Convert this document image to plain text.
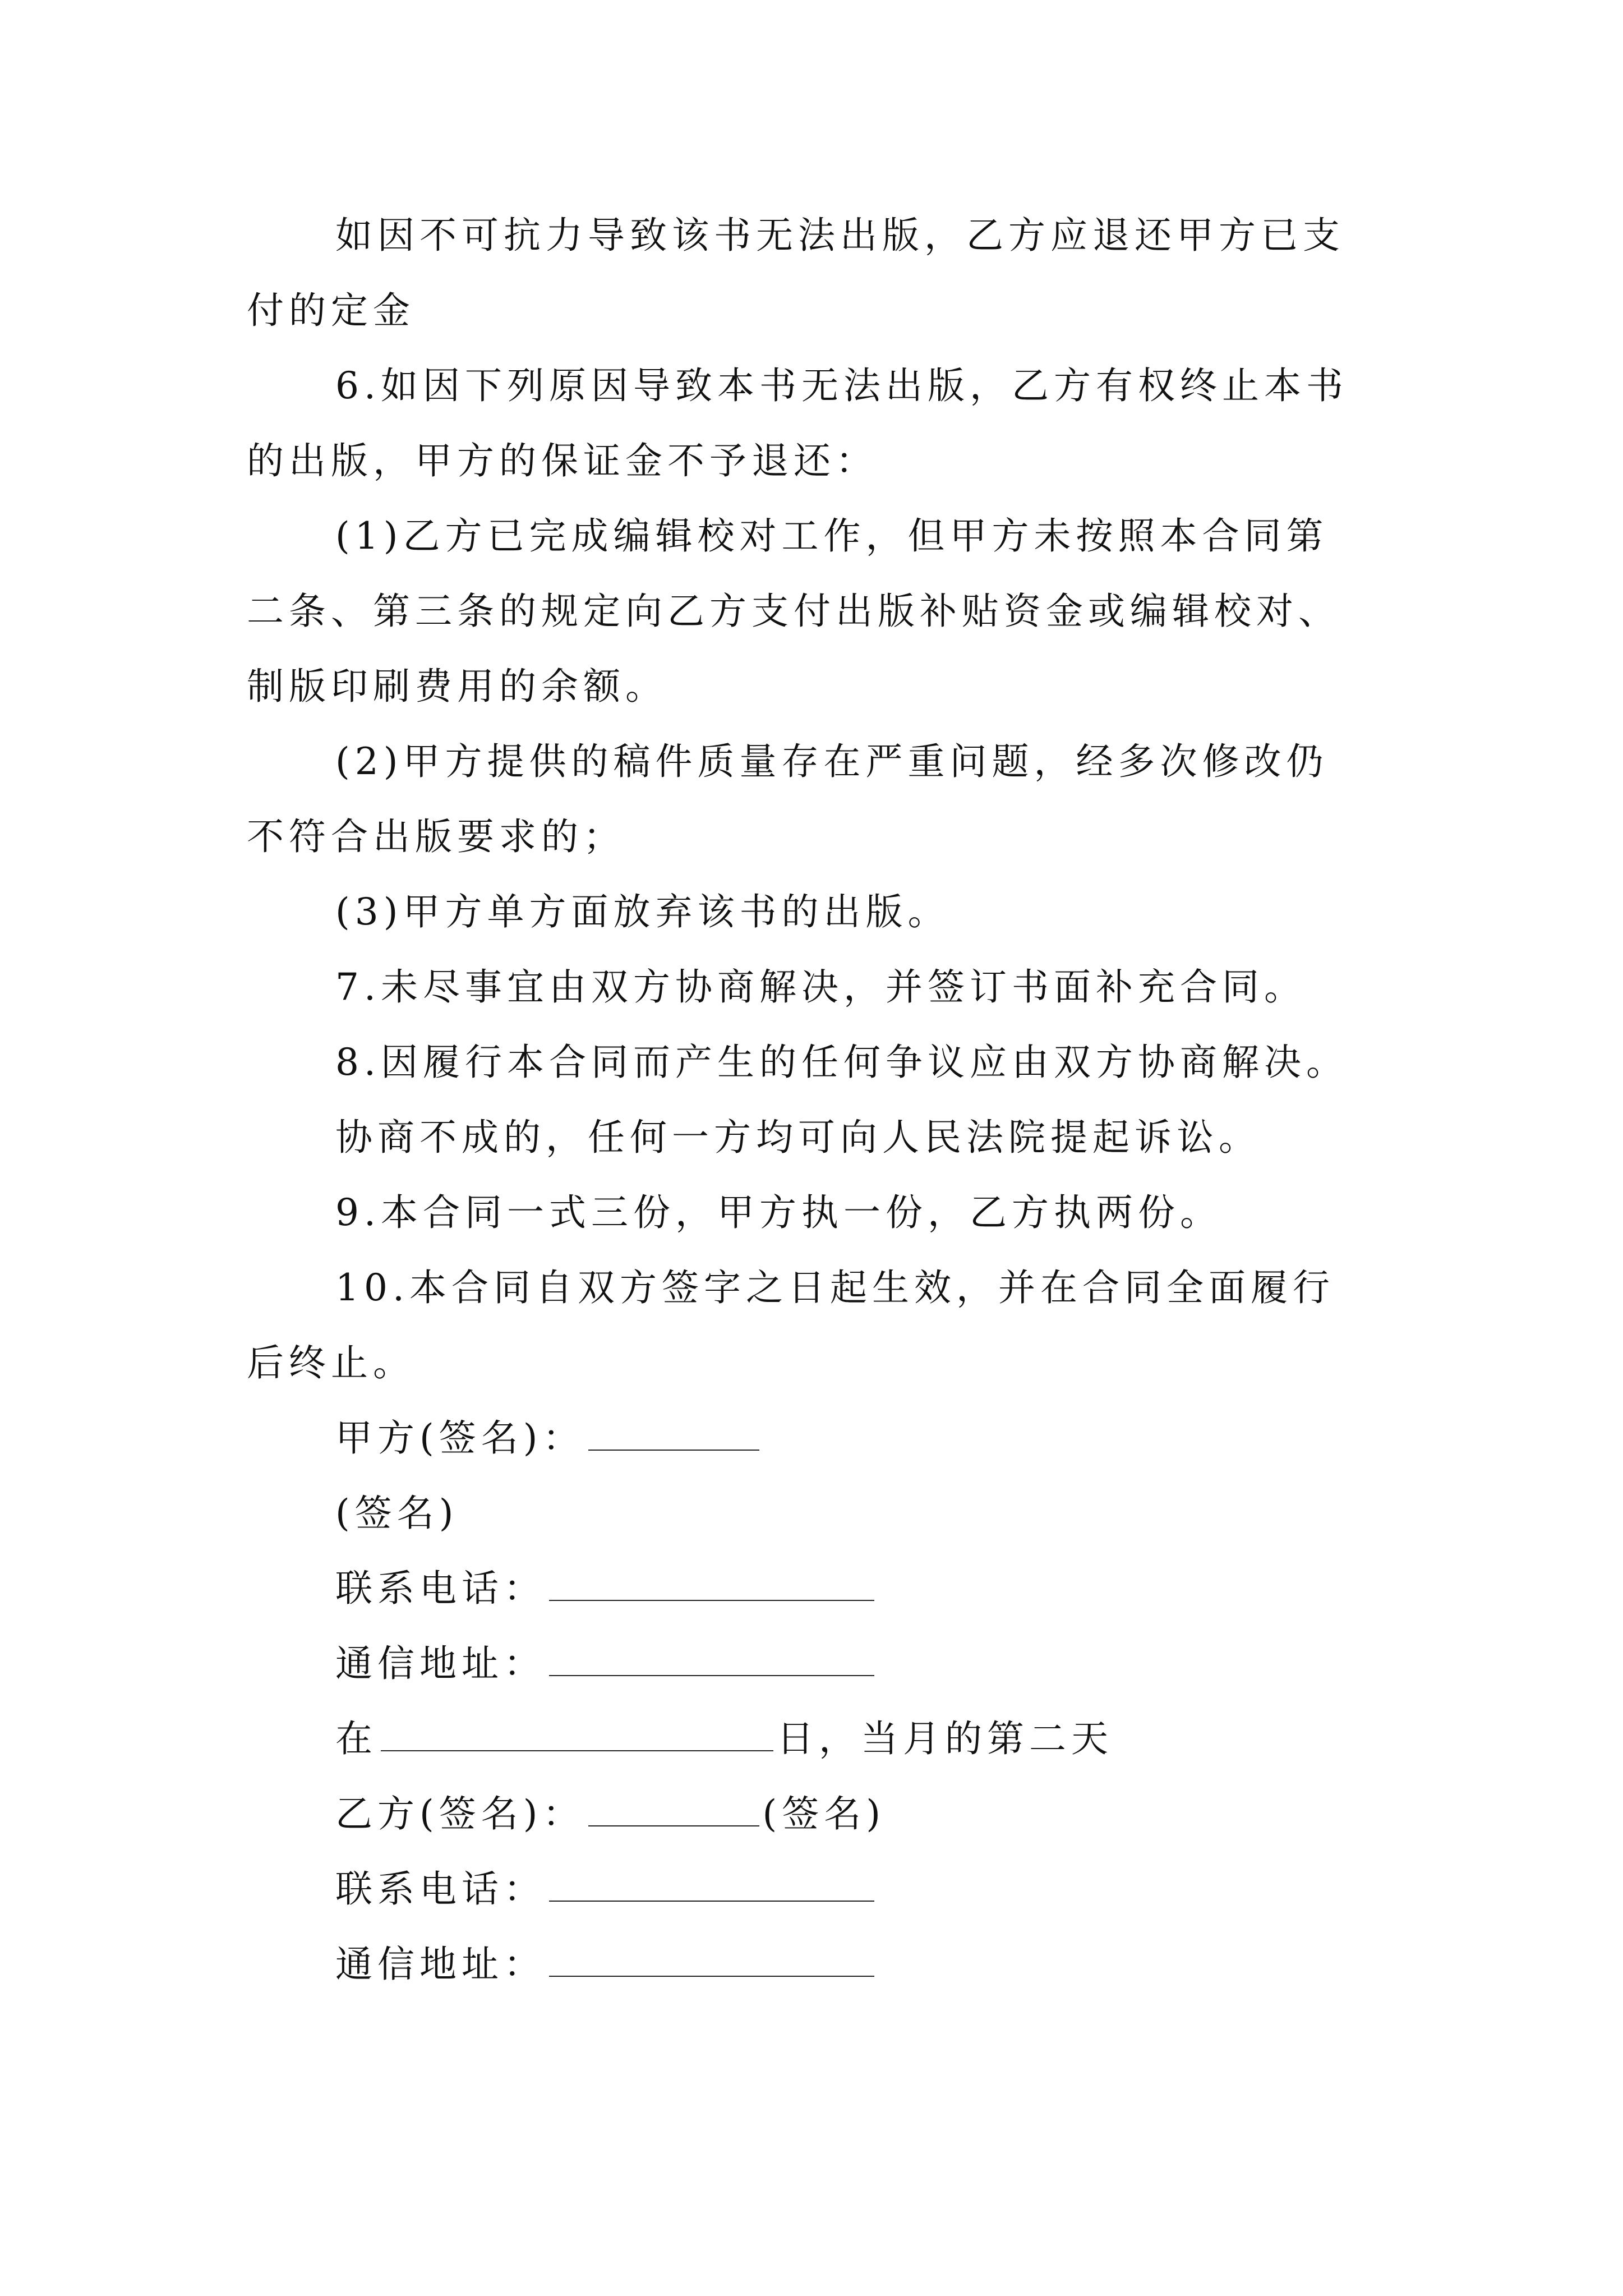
如因不可抗力导致该书无法出版，乙方应退还甲方已支
付的定金
6.如因下列原因导致本书无法出版，乙方有权终止本书
的出版，甲方的保证金不予退还：
(1)乙方已完成编辑校对工作，但甲方未按照本合同第
二条、第三条的规定向乙方支付出版补贴资金或编辑校对、
制版印刷费用的余额。
(2)甲方提供的稿件质量存在严重问题，经多次修改仍
不符合出版要求的；
(3)甲方单方面放弃该书的出版。
7.未尽事宜由双方协商解决，并签订书面补充合同。
8.因履行本合同而产生的任何争议应由双方协商解决。
协商不成的，任何一方均可向人民法院提起诉讼。
9.本合同一式三份，甲方执一份，乙方执两份。
10.本合同自双方签字之日起生效，并在合同全面履行
后终止。
甲方(签名)：
(签名)
联系电话：
通信地址：
在	日，当月的第二天
乙方(签名)：	(签名)
联系电话：
通信地址：
